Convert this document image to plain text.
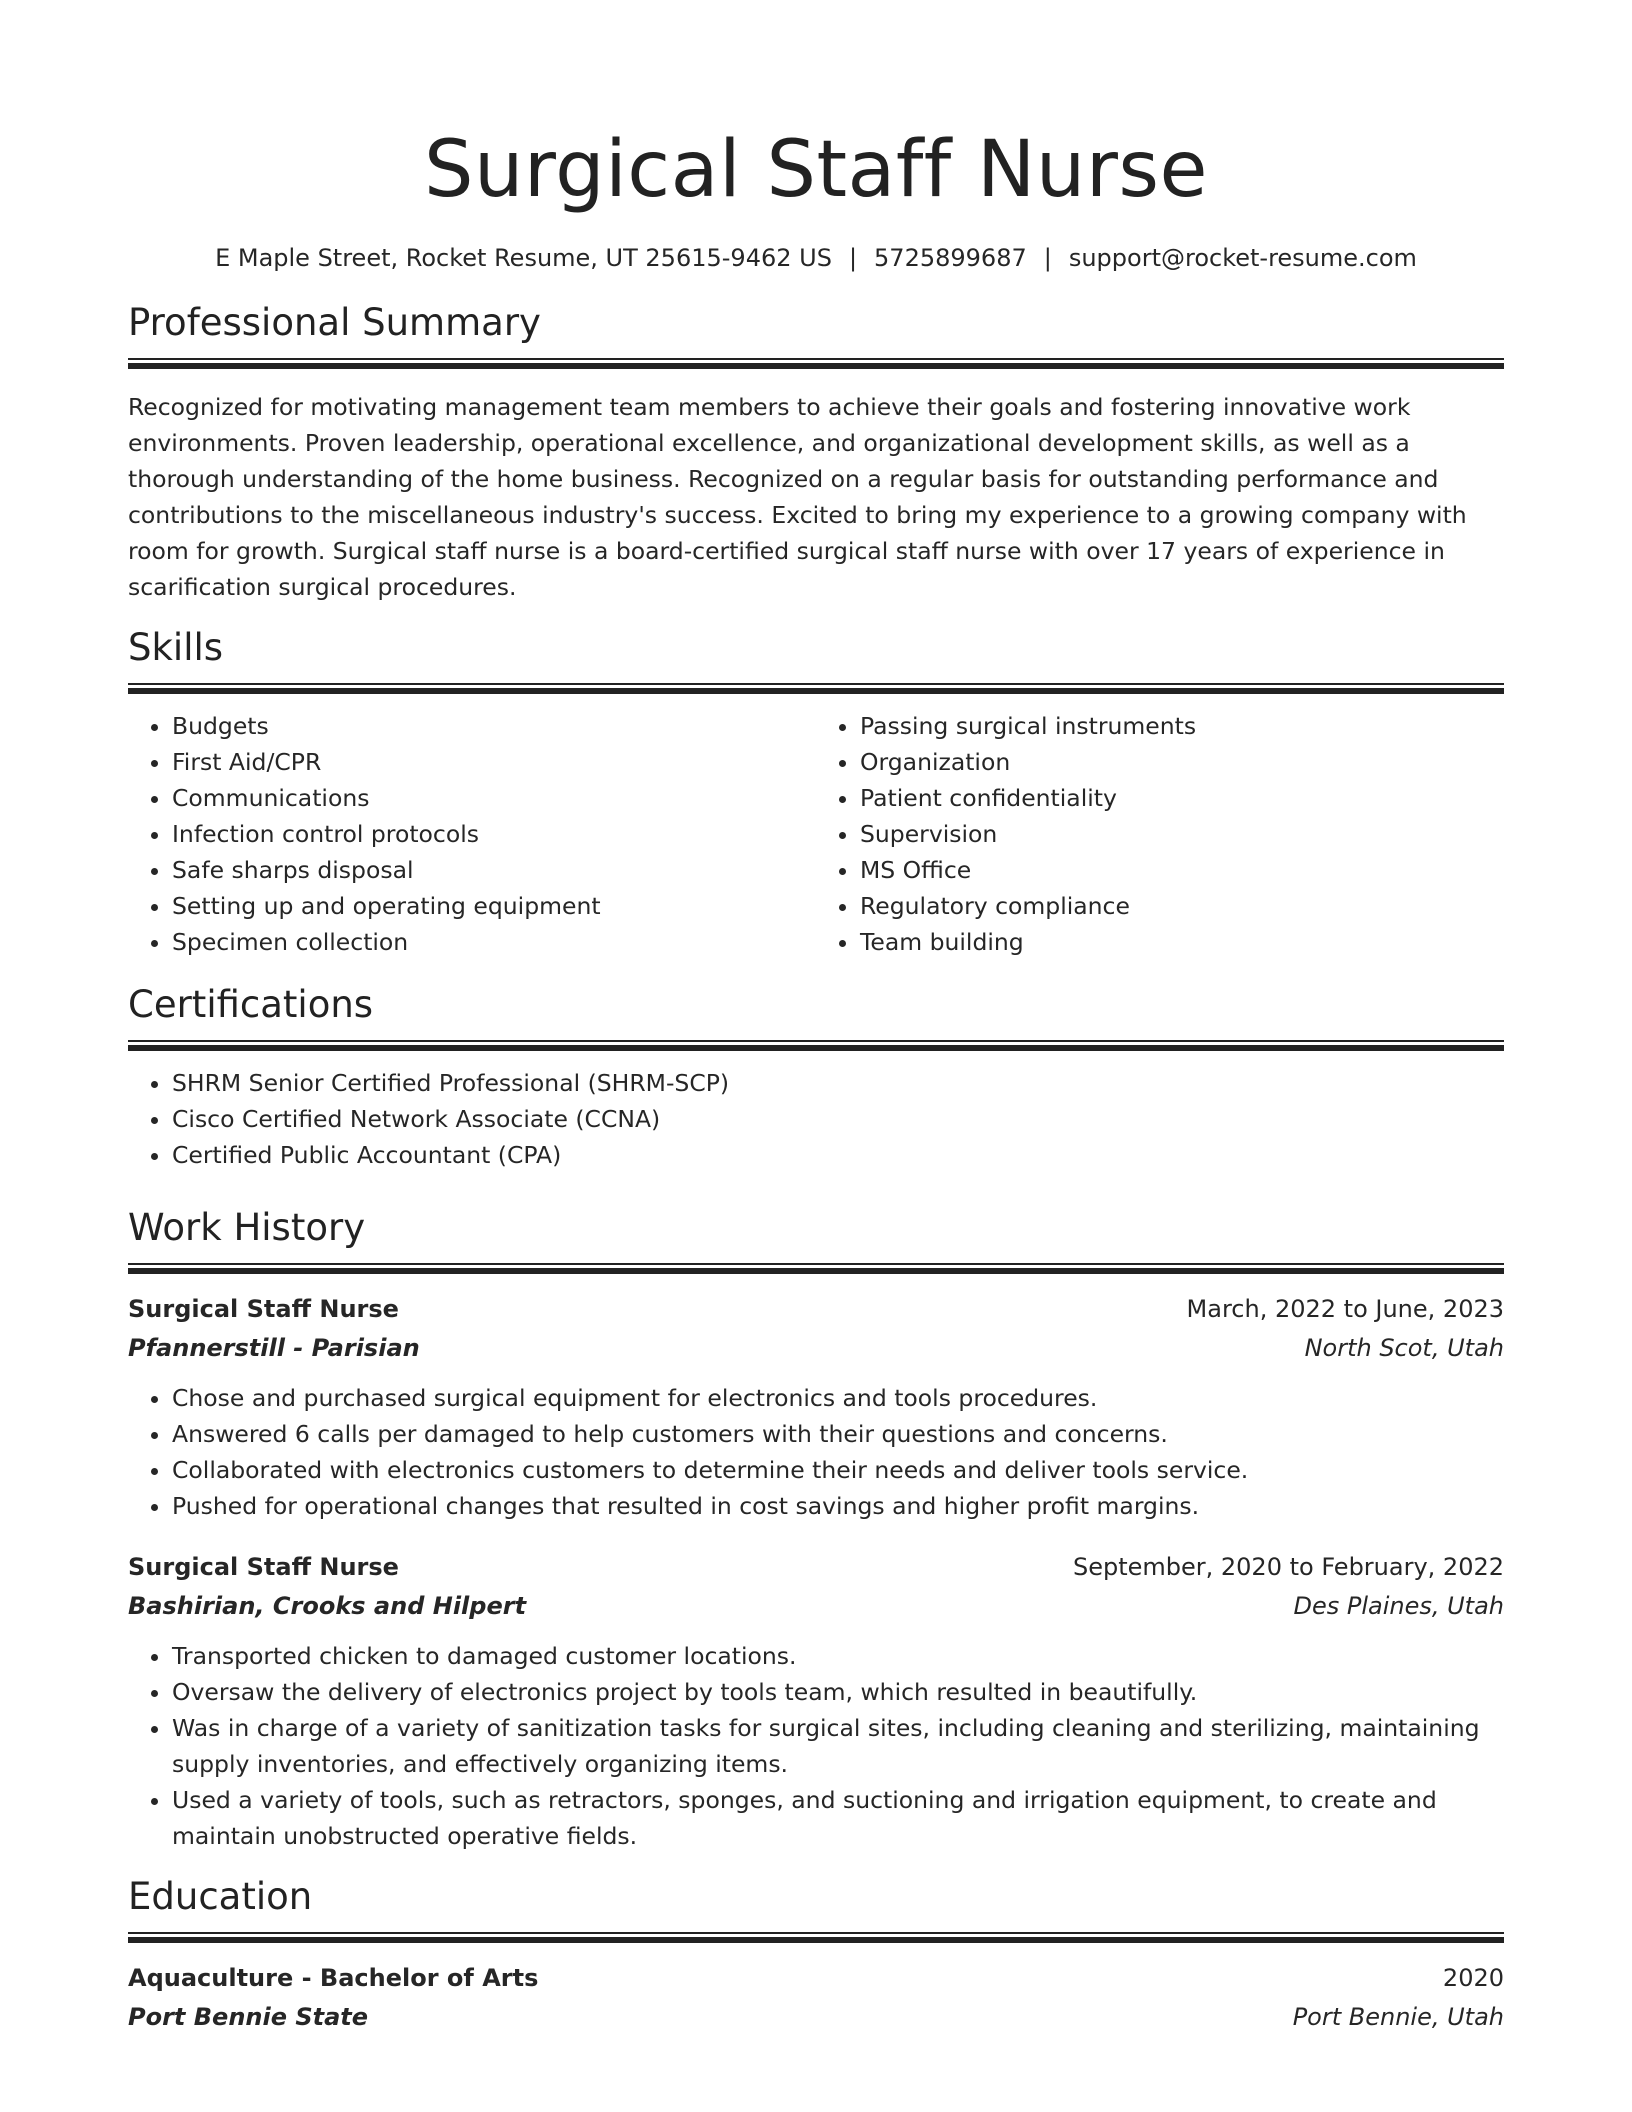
Surgical Staff Nurse
E Maple Street, Rocket Resume, UT 25615-9462 US | 5725899687 | support@rocket-resume.com
Professional Summary
Recognized for motivating management team members to achieve their goals and fostering innovative work environments. Proven leadership, operational excellence, and organizational development skills, as well as a thorough understanding of the home business. Recognized on a regular basis for outstanding performance and contributions to the miscellaneous industry's success. Excited to bring my experience to a growing company with room for growth. Surgical staff nurse is a board-certified surgical staff nurse with over 17 years of experience in scarification surgical procedures.
Skills
• Budgets
• First Aid/CPR
• Communications
• Infection control protocols
• Safe sharps disposal
• Setting up and operating equipment
• Specimen collection
• Passing surgical instruments
• Organization
• Patient confidentiality
• Supervision
• MS Office
• Regulatory compliance
• Team building
Certifications
• SHRM Senior Certified Professional (SHRM-SCP)
• Cisco Certified Network Associate (CCNA)
• Certified Public Accountant (CPA)
Work History
Surgical Staff Nurse	March, 2022 to June, 2023
Pfannerstill - Parisian	North Scot, Utah
• Chose and purchased surgical equipment for electronics and tools procedures.
• Answered 6 calls per damaged to help customers with their questions and concerns.
• Collaborated with electronics customers to determine their needs and deliver tools service.
• Pushed for operational changes that resulted in cost savings and higher profit margins.
Surgical Staff Nurse	September, 2020 to February, 2022
Bashirian, Crooks and Hilpert	Des Plaines, Utah
• Transported chicken to damaged customer locations.
• Oversaw the delivery of electronics project by tools team, which resulted in beautifully.
• Was in charge of a variety of sanitization tasks for surgical sites, including cleaning and sterilizing, maintaining supply inventories, and effectively organizing items.
• Used a variety of tools, such as retractors, sponges, and suctioning and irrigation equipment, to create and maintain unobstructed operative fields.
Education
Aquaculture - Bachelor of Arts	2020
Port Bennie State	Port Bennie, Utah
